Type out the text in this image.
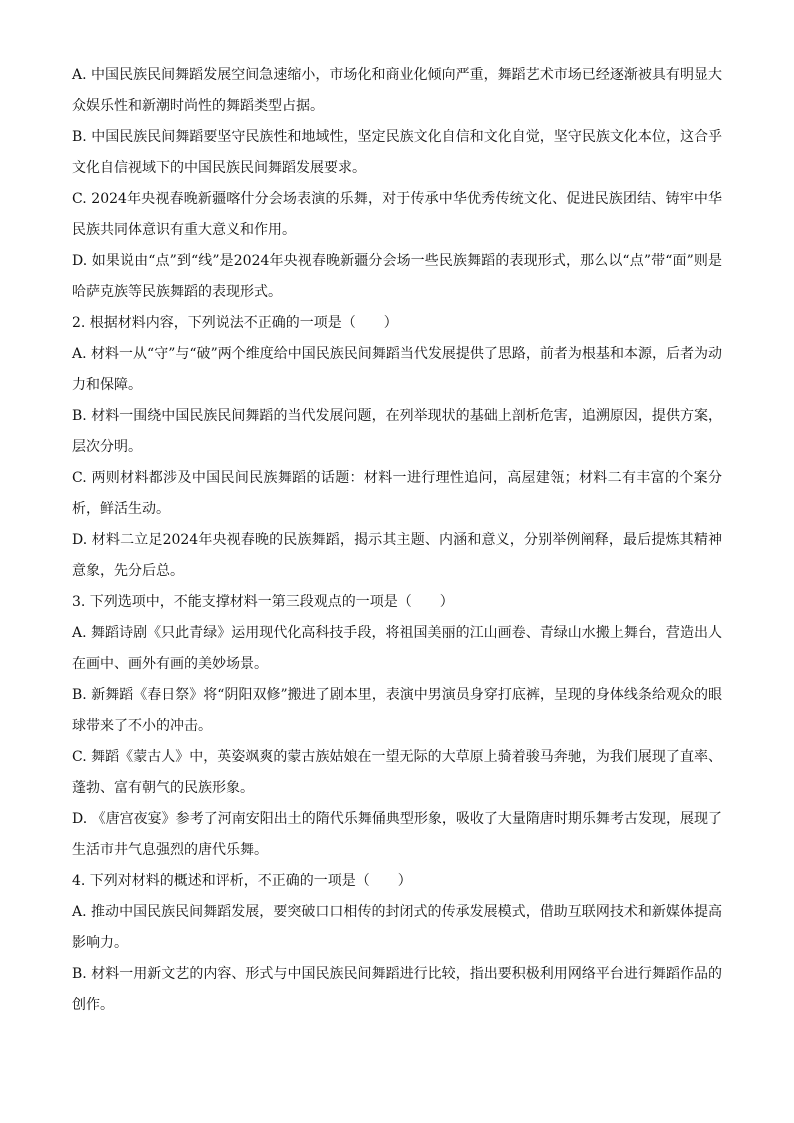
A. 中国民族民间舞蹈发展空间急速缩小，市场化和商业化倾向严重，舞蹈艺术市场已经逐渐被具有明显大众娱乐性和新潮时尚性的舞蹈类型占据。

B. 中国民族民间舞蹈要坚守民族性和地域性，坚定民族文化自信和文化自觉，坚守民族文化本位，这合乎文化自信视域下的中国民族民间舞蹈发展要求。

C. 2024年央视春晚新疆喀什分会场表演的乐舞，对于传承中华优秀传统文化、促进民族团结、铸牢中华民族共同体意识有重大意义和作用。

D. 如果说由“点”到“线”是2024年央视春晚新疆分会场一些民族舞蹈的表现形式，那么以“点”带“面”则是哈萨克族等民族舞蹈的表现形式。

2. 根据材料内容，下列说法不正确的一项是（　　）

A. 材料一从“守”与“破”两个维度给中国民族民间舞蹈当代发展提供了思路，前者为根基和本源，后者为动力和保障。

B. 材料一围绕中国民族民间舞蹈的当代发展问题，在列举现状的基础上剖析危害，追溯原因，提供方案，层次分明。

C. 两则材料都涉及中国民间民族舞蹈的话题：材料一进行理性追问，高屋建瓴；材料二有丰富的个案分析，鲜活生动。

D. 材料二立足2024年央视春晚的民族舞蹈，揭示其主题、内涵和意义，分别举例阐释，最后提炼其精神意象，先分后总。

3. 下列选项中，不能支撑材料一第三段观点的一项是（　　）

A. 舞蹈诗剧《只此青绿》运用现代化高科技手段，将祖国美丽的江山画卷、青绿山水搬上舞台，营造出人在画中、画外有画的美妙场景。

B. 新舞蹈《春日祭》将“阴阳双修”搬进了剧本里，表演中男演员身穿打底裤，呈现的身体线条给观众的眼球带来了不小的冲击。

C. 舞蹈《蒙古人》中，英姿飒爽的蒙古族姑娘在一望无际的大草原上骑着骏马奔驰，为我们展现了直率、蓬勃、富有朝气的民族形象。

D. 《唐宫夜宴》参考了河南安阳出土的隋代乐舞俑典型形象，吸收了大量隋唐时期乐舞考古发现，展现了生活市井气息强烈的唐代乐舞。

4. 下列对材料的概述和评析，不正确的一项是（　　）

A. 推动中国民族民间舞蹈发展，要突破口口相传的封闭式的传承发展模式，借助互联网技术和新媒体提高影响力。

B. 材料一用新文艺的内容、形式与中国民族民间舞蹈进行比较，指出要积极利用网络平台进行舞蹈作品的创作。
